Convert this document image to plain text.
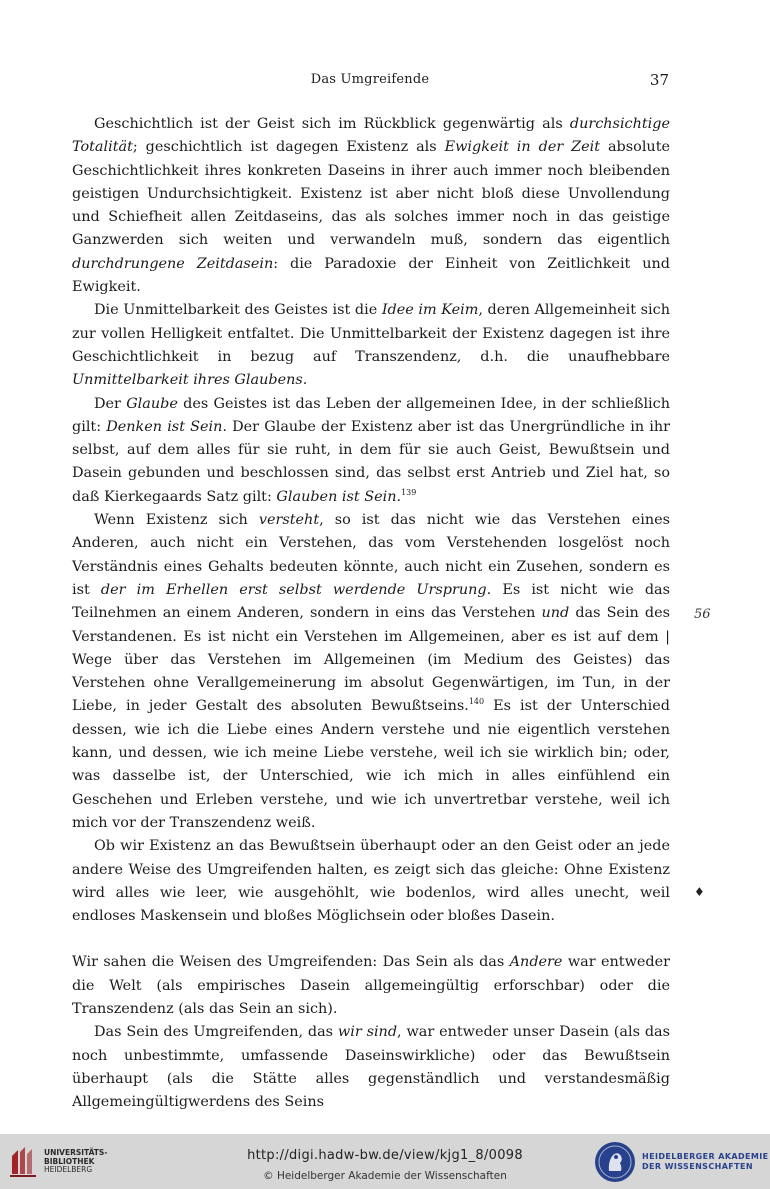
Das Umgreifende	37

Geschichtlich ist der Geist sich im Rückblick gegenwärtig als durchsichtige Totalität; geschichtlich ist dagegen Existenz als Ewigkeit in der Zeit absolute Geschichtlichkeit ihres konkreten Daseins in ihrer auch immer noch bleibenden geistigen Undurchsichtigkeit. Existenz ist aber nicht bloß diese Unvollendung und Schiefheit allen Zeitdaseins, das als solches immer noch in das geistige Ganzwerden sich weiten und verwandeln muß, sondern das eigentlich durchdrungene Zeitdasein: die Paradoxie der Einheit von Zeitlichkeit und Ewigkeit.

Die Unmittelbarkeit des Geistes ist die Idee im Keim, deren Allgemeinheit sich zur vollen Helligkeit entfaltet. Die Unmittelbarkeit der Existenz dagegen ist ihre Geschichtlichkeit in bezug auf Transzendenz, d.h. die unaufhebbare Unmittelbarkeit ihres Glaubens.

Der Glaube des Geistes ist das Leben der allgemeinen Idee, in der schließlich gilt: Denken ist Sein. Der Glaube der Existenz aber ist das Unergründliche in ihr selbst, auf dem alles für sie ruht, in dem für sie auch Geist, Bewußtsein und Dasein gebunden und beschlossen sind, das selbst erst Antrieb und Ziel hat, so daß Kierkegaards Satz gilt: Glauben ist Sein.$^{139}$

Wenn Existenz sich versteht, so ist das nicht wie das Verstehen eines Anderen, auch nicht ein Verstehen, das vom Verstehenden losgelöst noch Verständnis eines Gehalts bedeuten könnte, auch nicht ein Zusehen, sondern es ist der im Erhellen erst selbst werdende Ursprung. Es ist nicht wie das Teilnehmen an einem Anderen, sondern in eins das Verstehen und das Sein des Verstandenen. Es ist nicht ein Verstehen im Allgemeinen, aber es ist auf dem | Wege über das Verstehen im Allgemeinen (im Medium des Geistes) das Verstehen ohne Verallgemeinerung im absolut Gegenwärtigen, im Tun, in der Liebe, in jeder Gestalt des absoluten Bewußtseins.$^{140}$ Es ist der Unterschied dessen, wie ich die Liebe eines Andern verstehe und nie eigentlich verstehen kann, und dessen, wie ich meine Liebe verstehe, weil ich sie wirklich bin; oder, was dasselbe ist, der Unterschied, wie ich mich in alles einfühlend ein Geschehen und Erleben verstehe, und wie ich unvertretbar verstehe, weil ich mich vor der Transzendenz weiß.

Ob wir Existenz an das Bewußtsein überhaupt oder an den Geist oder an jede andere Weise des Umgreifenden halten, es zeigt sich das gleiche: Ohne Existenz wird alles wie leer, wie ausgehöhlt, wie bodenlos, wird alles unecht, weil endloses Maskensein und bloßes Möglichsein oder bloßes Dasein.

Wir sahen die Weisen des Umgreifenden: Das Sein als das Andere war entweder die Welt (als empirisches Dasein allgemeingültig erforschbar) oder die Transzendenz (als das Sein an sich).

Das Sein des Umgreifenden, das wir sind, war entweder unser Dasein (als das noch unbestimmte, umfassende Daseinswirkliche) oder das Bewußtsein überhaupt (als die Stätte alles gegenständlich und verstandesmäßig Allgemeingültigwerdens des Seins

56
♦
UNIVERSITÄTS-
BIBLIOTHEK
HEIDELBERG
http://digi.hadw-bw.de/view/kjg1_8/0098
© Heidelberger Akademie der Wissenschaften
HEIDELBERGER AKADEMIE
DER WISSENSCHAFTEN
